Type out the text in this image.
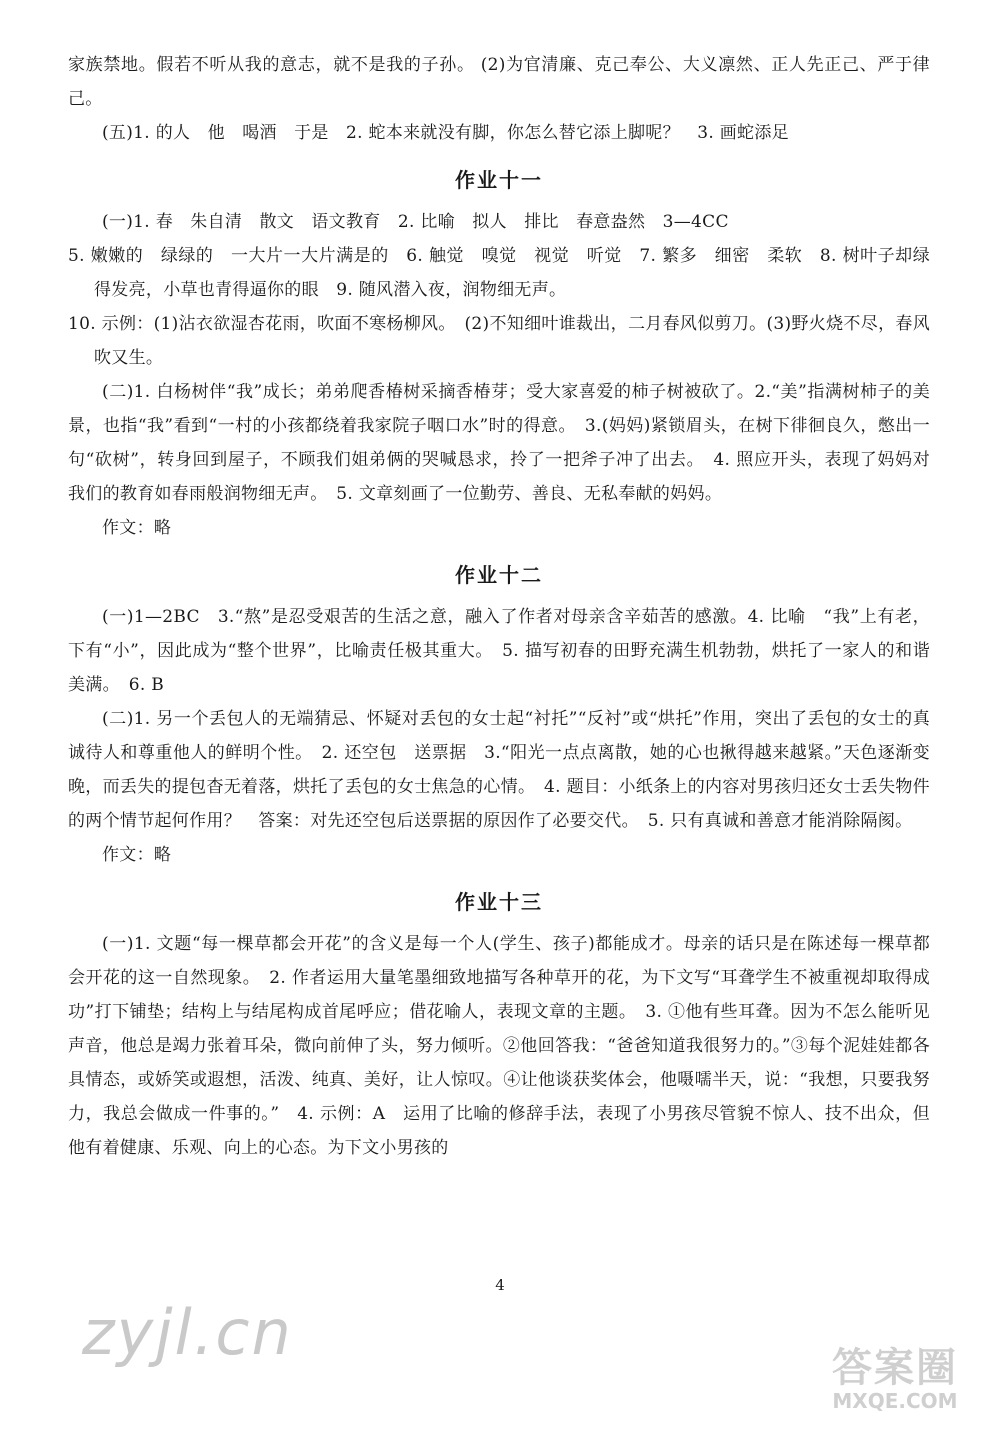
家族禁地。假若不听从我的意志，就不是我的子孙。 (2)为官清廉、克己奉公、大义凛然、正人先正己、严于律己。

(五)1. 的人　他　喝酒　于是　2. 蛇本来就没有脚，你怎么替它添上脚呢？　3. 画蛇添足

作业十一

(一)1. 春　朱自清　散文　语文教育　2. 比喻　拟人　排比　春意盎然　3—4CC

5. 嫩嫩的　绿绿的　一大片一大片满是的　6. 触觉　嗅觉　视觉　听觉　7. 繁多　细密　柔软　8. 树叶子却绿得发亮，小草也青得逼你的眼　9. 随风潜入夜，润物细无声。

10. 示例：(1)沾衣欲湿杏花雨，吹面不寒杨柳风。　(2)不知细叶谁裁出，二月春风似剪刀。(3)野火烧不尽，春风吹又生。

(二)1. 白杨树伴“我”成长；弟弟爬香椿树采摘香椿芽；受大家喜爱的柿子树被砍了。2.“美”指满树柿子的美景，也指“我”看到“一村的小孩都绕着我家院子咽口水”时的得意。　3.(妈妈)紧锁眉头，在树下徘徊良久，憋出一句“砍树”，转身回到屋子，不顾我们姐弟俩的哭喊恳求，拎了一把斧子冲了出去。　4. 照应开头，表现了妈妈对我们的教育如春雨般润物细无声。　5. 文章刻画了一位勤劳、善良、无私奉献的妈妈。

作文：略

作业十二

(一)1—2BC　3.“熬”是忍受艰苦的生活之意，融入了作者对母亲含辛茹苦的感激。4. 比喻　“我”上有老，下有“小”，因此成为“整个世界”，比喻责任极其重大。　5. 描写初春的田野充满生机勃勃，烘托了一家人的和谐美满。　6. B

(二)1. 另一个丢包人的无端猜忌、怀疑对丢包的女士起“衬托”“反衬”或“烘托”作用，突出了丢包的女士的真诚待人和尊重他人的鲜明个性。　2. 还空包　送票据　3.“阳光一点点离散，她的心也揪得越来越紧。”天色逐渐变晚，而丢失的提包杳无着落，烘托了丢包的女士焦急的心情。　4. 题目：小纸条上的内容对男孩归还女士丢失物件的两个情节起何作用？　答案：对先还空包后送票据的原因作了必要交代。　5. 只有真诚和善意才能消除隔阂。

作文：略

作业十三

(一)1. 文题“每一棵草都会开花”的含义是每一个人(学生、孩子)都能成才。母亲的话只是在陈述每一棵草都会开花的这一自然现象。　2. 作者运用大量笔墨细致地描写各种草开的花，为下文写“耳聋学生不被重视却取得成功”打下铺垫；结构上与结尾构成首尾呼应；借花喻人，表现文章的主题。　3. ①他有些耳聋。因为不怎么能听见声音，他总是竭力张着耳朵，微向前伸了头，努力倾听。②他回答我：“爸爸知道我很努力的。”③每个泥娃娃都各具情态，或娇笑或遐想，活泼、纯真、美好，让人惊叹。④让他谈获奖体会，他嗫嚅半天，说：“我想，只要我努力，我总会做成一件事的。”　4. 示例：A　运用了比喻的修辞手法，表现了小男孩尽管貌不惊人、技不出众，但他有着健康、乐观、向上的心态。为下文小男孩的

4
zyjl.cn	答案圈
MXQE.COM
